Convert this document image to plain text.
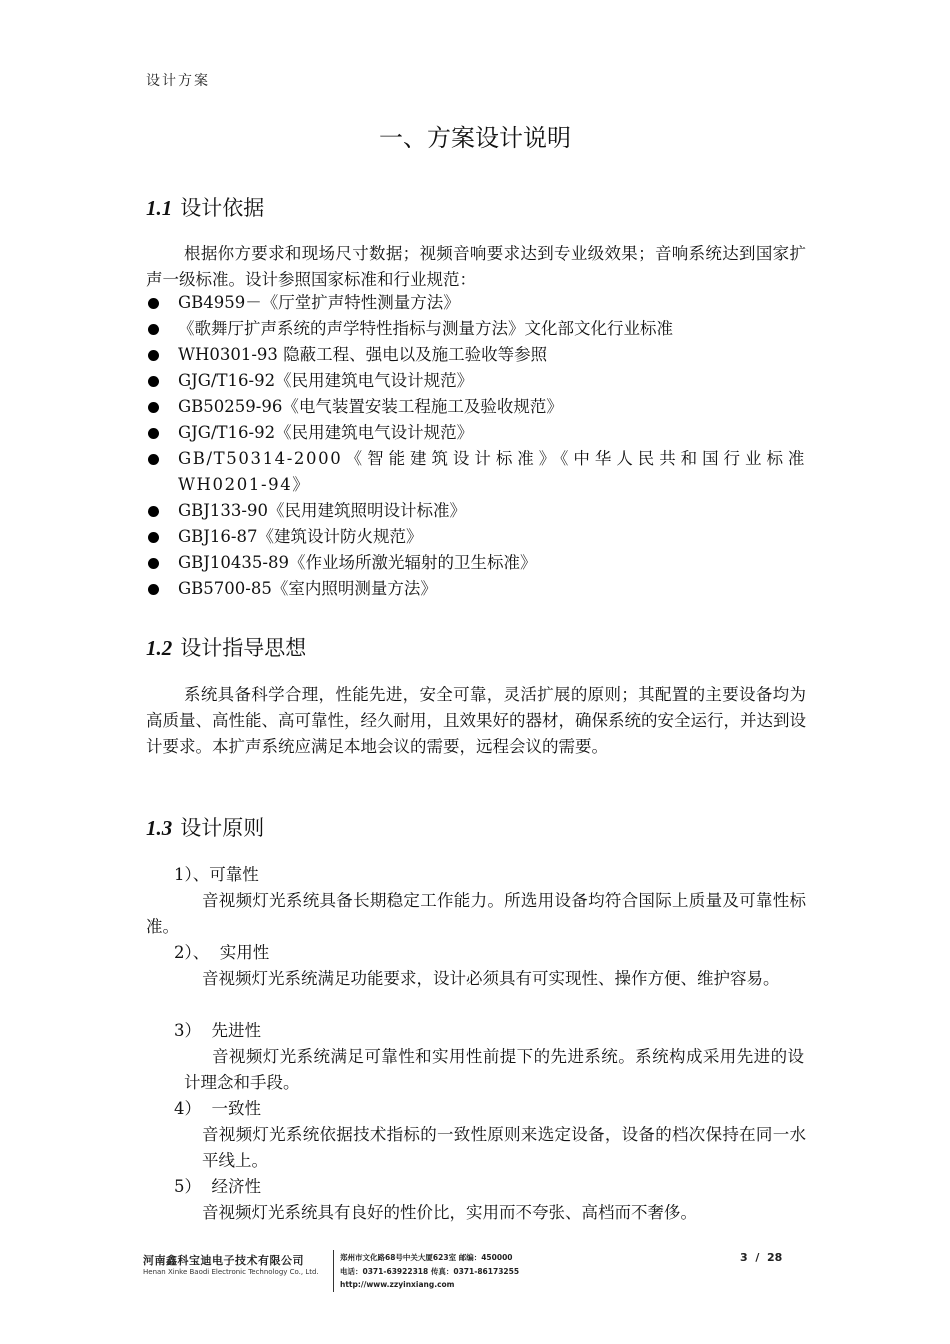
设计方案
一、方案设计说明
1.1 设计依据
根据你方要求和现场尺寸数据；视频音响要求达到专业级效果；音响系统达到国家扩声一级标准。设计参照国家标准和行业规范：
GB4959－《厅堂扩声特性测量方法》
《歌舞厅扩声系统的声学特性指标与测量方法》文化部文化行业标准
WH0301-93 隐蔽工程、强电以及施工验收等参照
GJG/T16-92《民用建筑电气设计规范》
GB50259-96《电气装置安装工程施工及验收规范》
GJG/T16-92《民用建筑电气设计规范》
GB/T50314-2000《智能建筑设计标准》《中华人民共和国行业标准 WH0201-94》
GBJ133-90《民用建筑照明设计标准》
GBJ16-87《建筑设计防火规范》
GBJ10435-89《作业场所激光辐射的卫生标准》
GB5700-85《室内照明测量方法》
1.2 设计指导思想
系统具备科学合理，性能先进，安全可靠，灵活扩展的原则；其配置的主要设备均为高质量、高性能、高可靠性，经久耐用，且效果好的器材，确保系统的安全运行，并达到设计要求。本扩声系统应满足本地会议的需要，远程会议的需要。
1.3 设计原则
1）、可靠性
音视频灯光系统具备长期稳定工作能力。所选用设备均符合国际上质量及可靠性标准。
2）、  实用性
音视频灯光系统满足功能要求，设计必须具有可实现性、操作方便、维护容易。
3）  先进性
音视频灯光系统满足可靠性和实用性前提下的先进系统。系统构成采用先进的设计理念和手段。
4）  一致性
音视频灯光系统依据技术指标的一致性原则来选定设备，设备的档次保持在同一水平线上。
5）  经济性
音视频灯光系统具有良好的性价比，实用而不夸张、高档而不奢侈。
河南鑫科宝迪电子技术有限公司
Henan Xinke Baodi Electronic Technology Co., Ltd.
郑州市文化路68号中关大厦623室 邮编：450000
电话：0371-63922318 传真：0371-86173255
http://www.zzyinxiang.com
3  /  28
